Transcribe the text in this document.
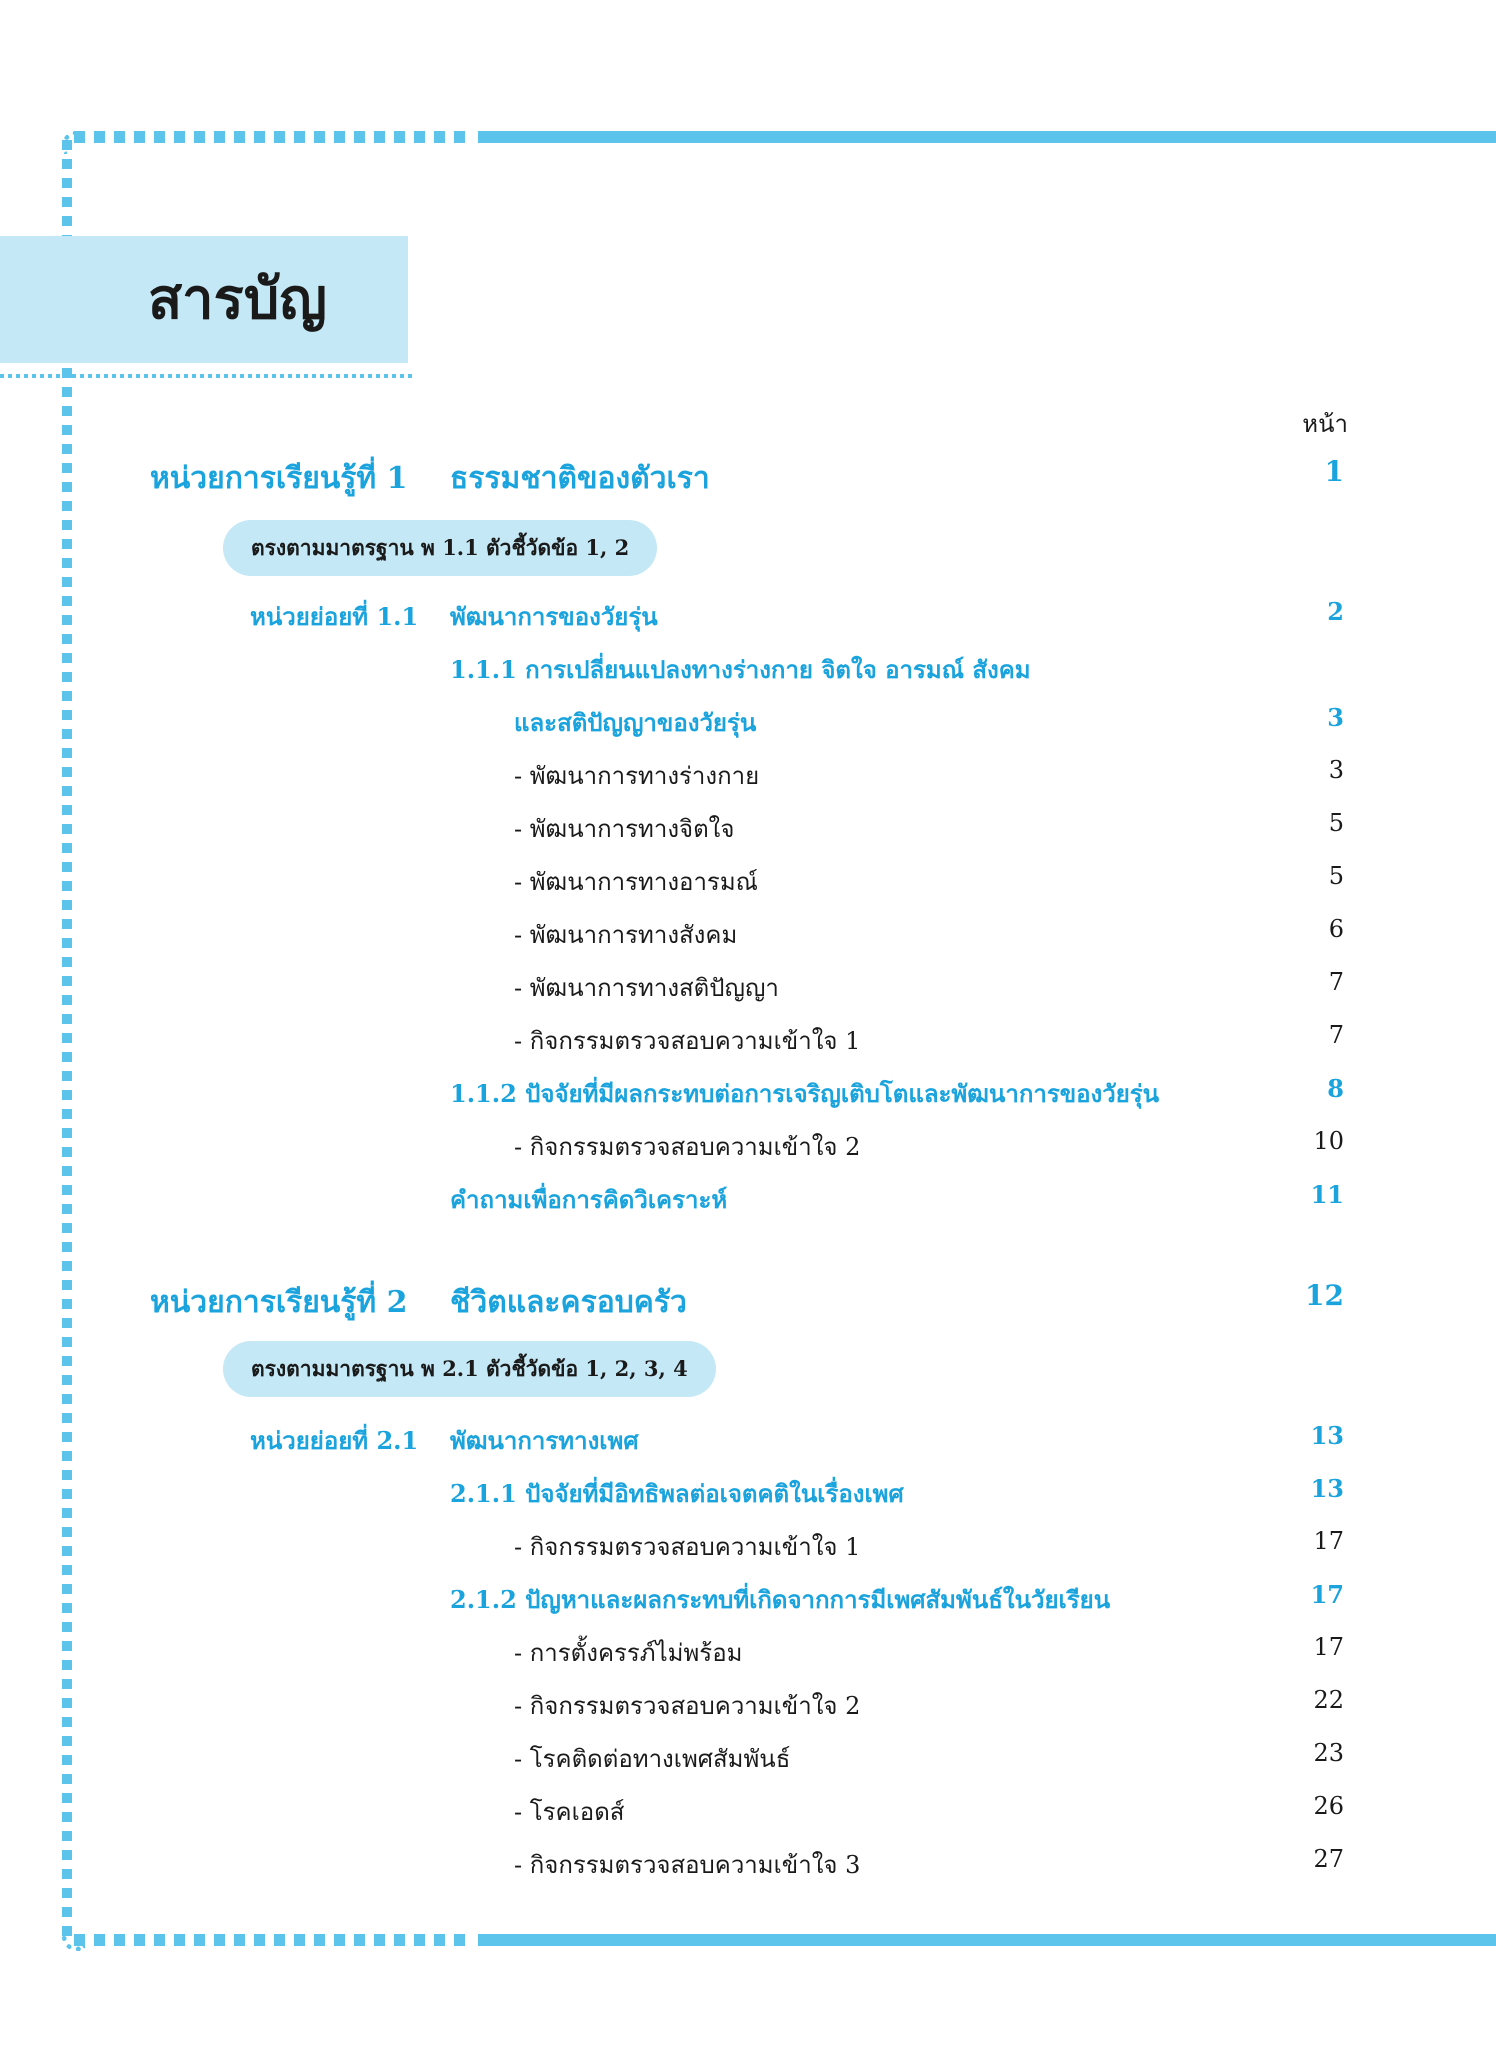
สารบัญ
หน้า
หน่วยการเรียนรู้ที่ 1 ธรรมชาติของตัวเรา	1
ตรงตามมาตรฐาน พ 1.1 ตัวชี้วัดข้อ 1, 2
หน่วยย่อยที่ 1.1 พัฒนาการของวัยรุ่น	2
1.1.1 การเปลี่ยนแปลงทางร่างกาย จิตใจ อารมณ์ สังคม
และสติปัญญาของวัยรุ่น	3
- พัฒนาการทางร่างกาย	3
- พัฒนาการทางจิตใจ	5
- พัฒนาการทางอารมณ์	5
- พัฒนาการทางสังคม	6
- พัฒนาการทางสติปัญญา	7
- กิจกรรมตรวจสอบความเข้าใจ 1	7
1.1.2 ปัจจัยที่มีผลกระทบต่อการเจริญเติบโตและพัฒนาการของวัยรุ่น	8
- กิจกรรมตรวจสอบความเข้าใจ 2	10
คำถามเพื่อการคิดวิเคราะห์	11
หน่วยการเรียนรู้ที่ 2 ชีวิตและครอบครัว	12
ตรงตามมาตรฐาน พ 2.1 ตัวชี้วัดข้อ 1, 2, 3, 4
หน่วยย่อยที่ 2.1 พัฒนาการทางเพศ	13
2.1.1 ปัจจัยที่มีอิทธิพลต่อเจตคติในเรื่องเพศ	13
- กิจกรรมตรวจสอบความเข้าใจ 1	17
2.1.2 ปัญหาและผลกระทบที่เกิดจากการมีเพศสัมพันธ์ในวัยเรียน	17
- การตั้งครรภ์ไม่พร้อม	17
- กิจกรรมตรวจสอบความเข้าใจ 2	22
- โรคติดต่อทางเพศสัมพันธ์	23
- โรคเอดส์	26
- กิจกรรมตรวจสอบความเข้าใจ 3	27
